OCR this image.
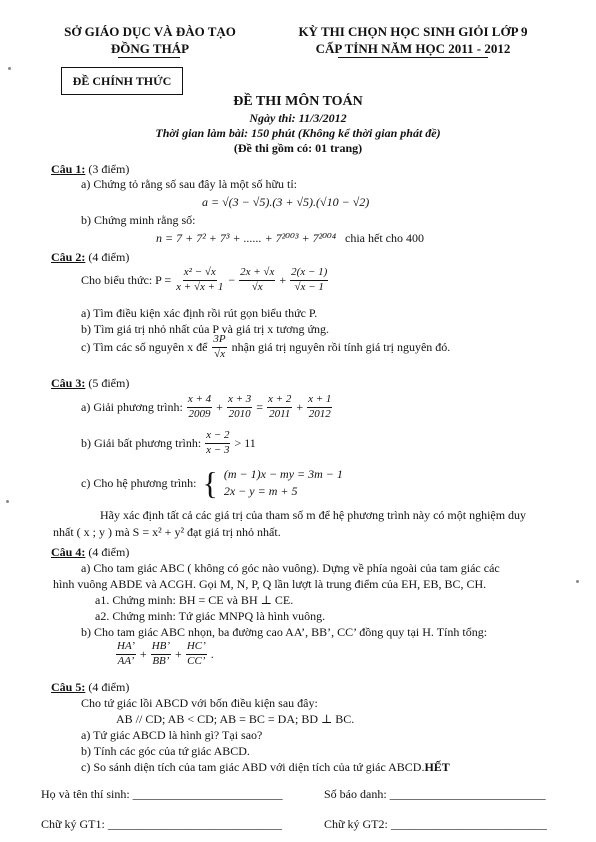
SỞ GIÁO DỤC VÀ ĐÀO TẠO
ĐỒNG THÁP
KỲ THI CHỌN HỌC SINH GIỎI LỚP 9
CẤP TỈNH NĂM HỌC 2011 - 2012
ĐỀ CHÍNH THỨC
ĐỀ THI MÔN TOÁN
Ngày thi: 11/3/2012
Thời gian làm bài: 150 phút (Không kể thời gian phát đề)
(Đề thi gồm có: 01 trang)
Câu 1: (3 điểm)
a) Chứng tỏ rằng số sau đây là một số hữu tỉ:
a = √(3 − √5).(3 + √5).(√10 − √2)
b) Chứng minh rằng số:
n = 7 + 7² + 7³ + ...... + 7²⁰⁰³ + 7²⁰⁰⁴ chia hết cho 400
Câu 2: (4 điểm)
Cho biểu thức: $P = \frac{\text{x² − √x}}{x + √x + 1} - \frac{2x + √x}{√x} + \frac{2(x - 1)}{√x - 1}$
a) Tìm điều kiện xác định rồi rút gọn biểu thức P.
b) Tìm giá trị nhỏ nhất của P và giá trị x tương ứng.
c) Tìm các số nguyên x để $\frac{3P}{√x}$ nhận giá trị nguyên rồi tính giá trị nguyên đó.
Câu 3: (5 điểm)
a) Giải phương trình: $\frac{x + 4}{2009} + \frac{x + 3}{2010} = \frac{x + 2}{2011} + \frac{x + 1}{2012}$
b) Giải bất phương trình: $\frac{x - 2}{x - 3} > 11$
c) Cho hệ phương trình: { (m − 1)x − my = 3m − 1
2x − y = m + 5
Hãy xác định tất cả các giá trị của tham số m để hệ phương trình này có một nghiệm duy
nhất ( x ; y ) mà S = x² + y² đạt giá trị nhỏ nhất.
Câu 4: (4 điểm)
a) Cho tam giác ABC ( không có góc nào vuông). Dựng về phía ngoài của tam giác các
hình vuông ABDE và ACGH. Gọi M, N, P, Q lần lượt là trung điểm của EH, EB, BC, CH.
a1. Chứng minh: BH = CE và BH ⊥ CE.
a2. Chứng minh: Tứ giác MNPQ là hình vuông.
b) Cho tam giác ABC nhọn, ba đường cao AA’, BB’, CC’ đồng quy tại H. Tính tổng:
$\frac{HA’}{AA’} + \frac{HB’}{BB’} + \frac{HC’}{CC’}$ .
Câu 5: (4 điểm)
Cho tứ giác lồi ABCD với bốn điều kiện sau đây:
AB // CD; AB < CD; AB = BC = DA; BD ⊥ BC.
a) Tứ giác ABCD là hình gì? Tại sao?
b) Tính các góc của tứ giác ABCD.
c) So sánh diện tích của tam giác ABD với diện tích của tứ giác ABCD.HẾT
Họ và tên thí sinh: _________________________	Số báo danh: __________________________
Chữ ký GT1: _____________________________	Chữ ký GT2: __________________________
